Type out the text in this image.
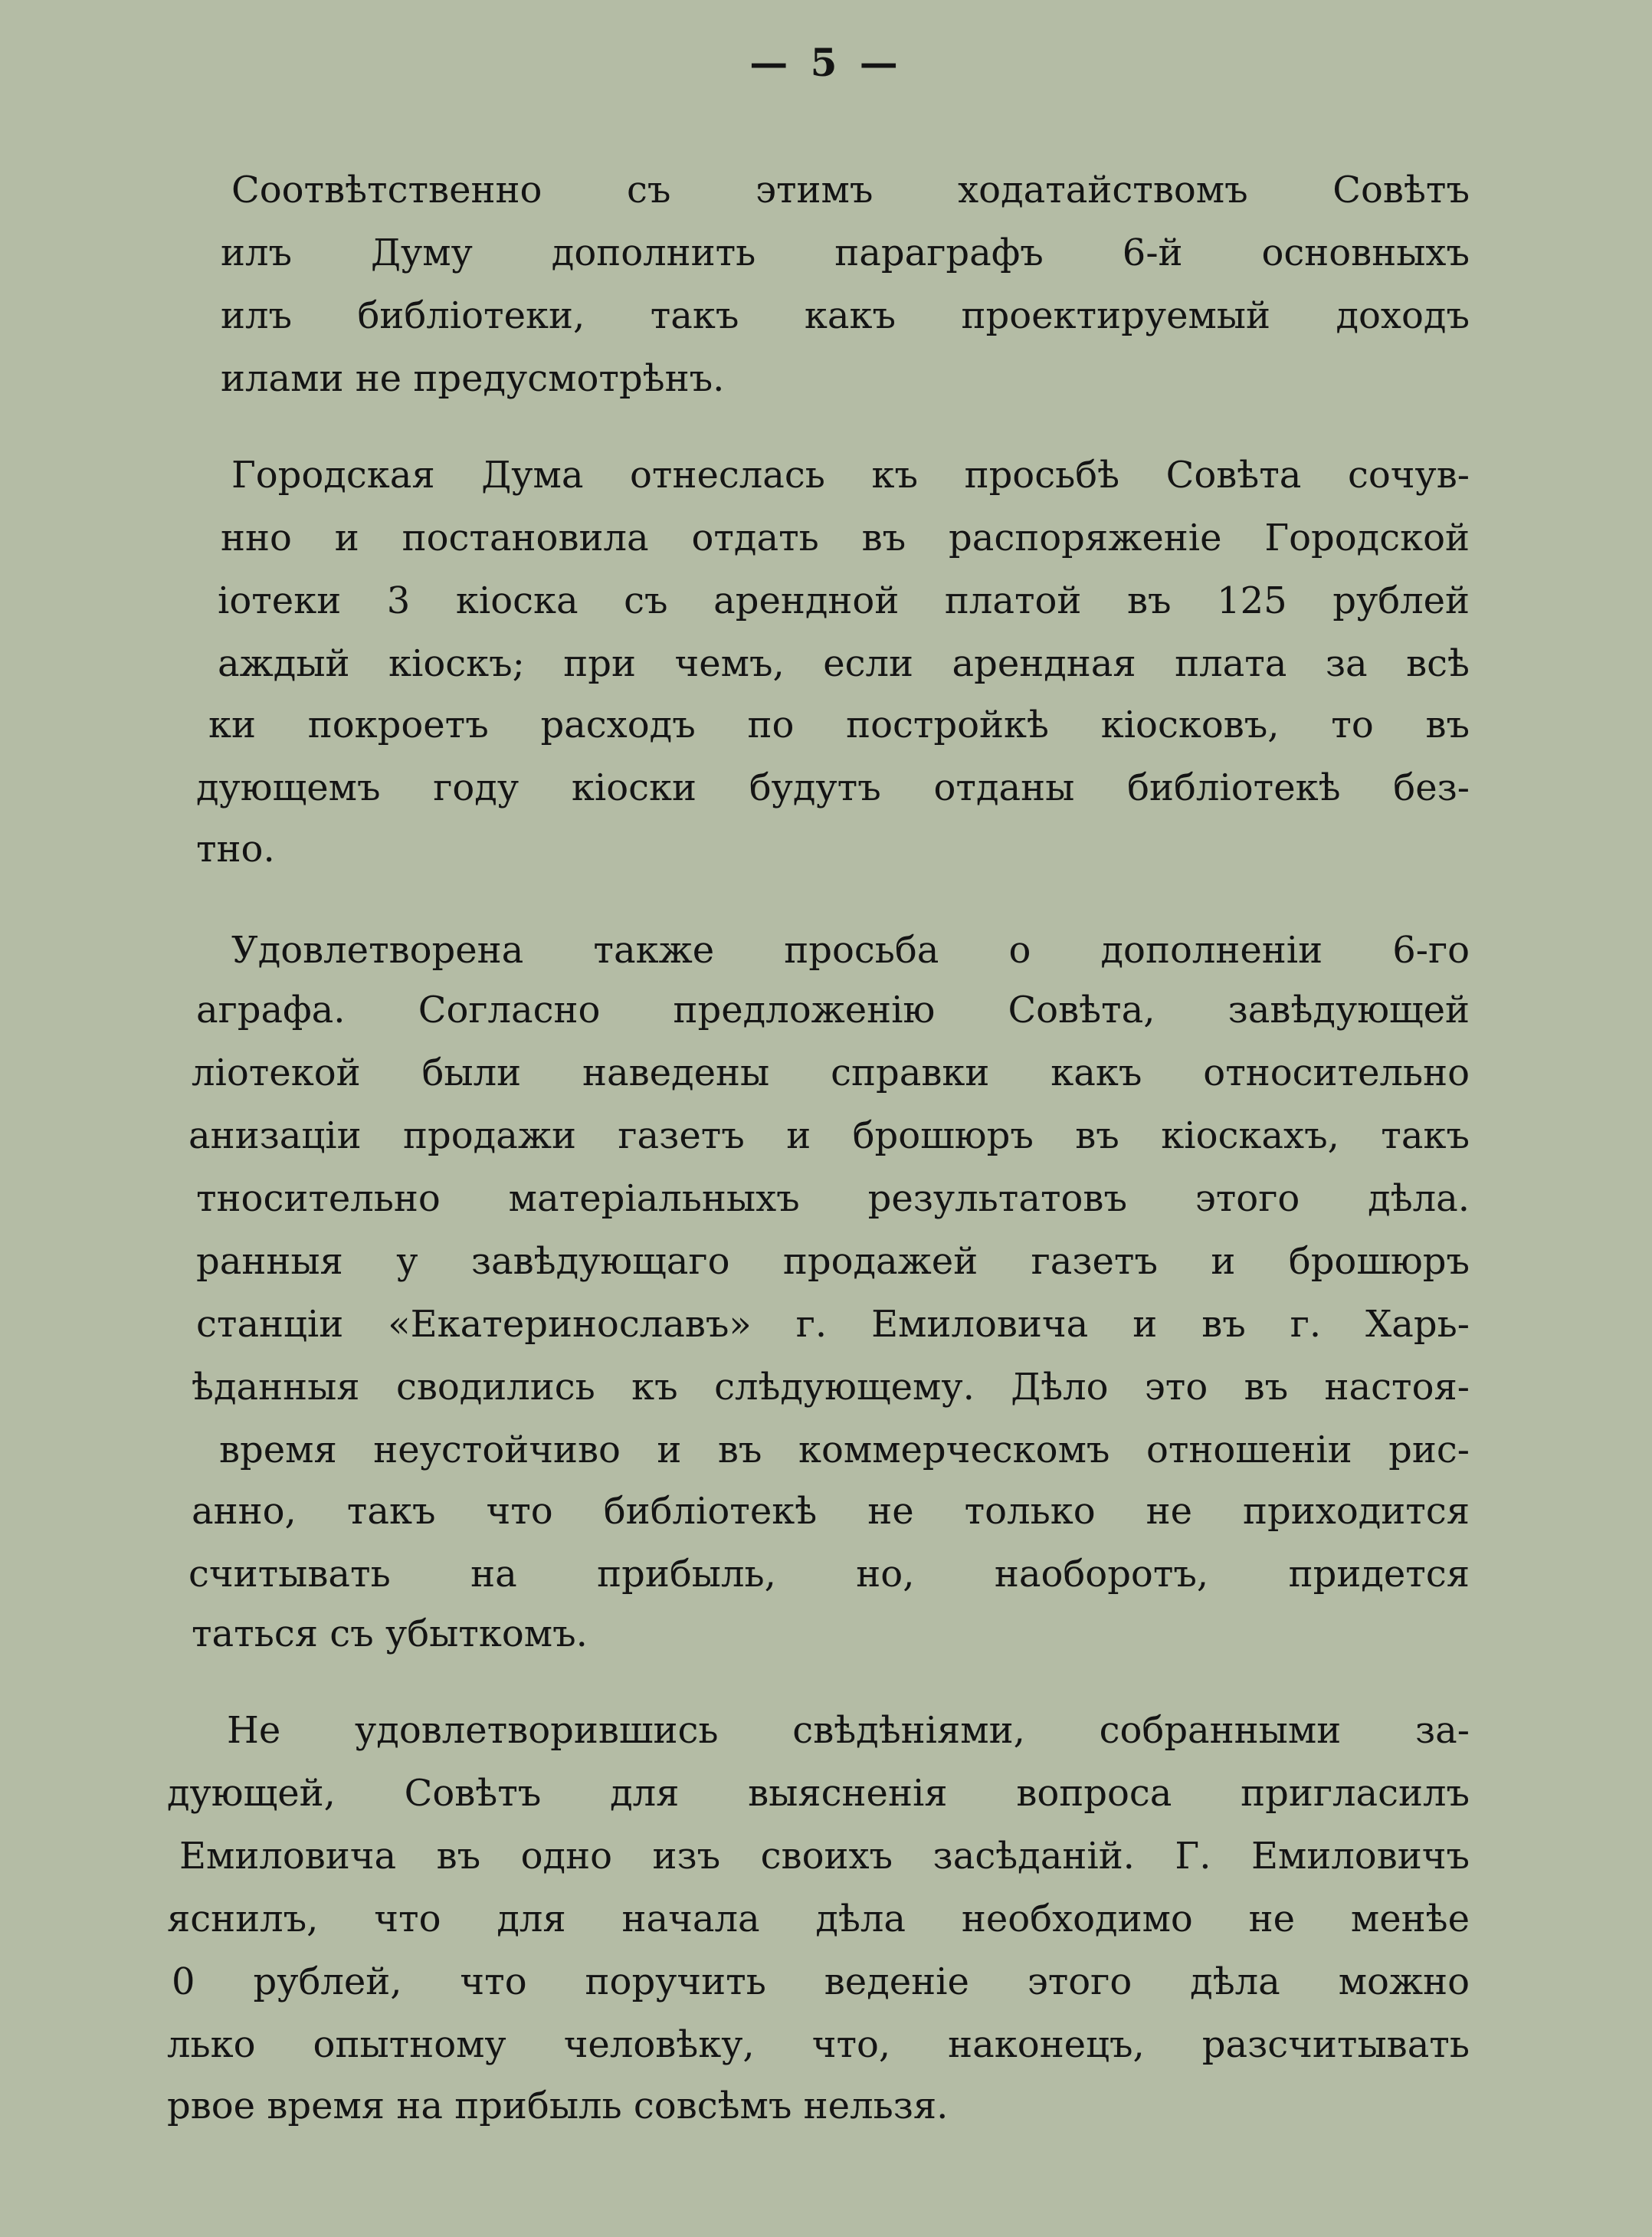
— 5 —
Соотвѣтственно съ этимъ ходатайствомъ Совѣтъ
илъ Думу дополнить параграфъ 6-й основныхъ
илъ библіотеки, такъ какъ проектируемый доходъ
илами не предусмотрѣнъ.
Городская Дума отнеслась къ просьбѣ Совѣта сочув-
нно и постановила отдать въ распоряженіе Городской
іотеки 3 кіоска съ арендной платой въ 125 рублей
аждый кіоскъ; при чемъ, если арендная плата за всѣ
ки покроетъ расходъ по постройкѣ кіосковъ, то въ
дующемъ году кіоски будутъ отданы библіотекѣ без-
тно.
Удовлетворена также просьба о дополненіи 6-го
аграфа. Согласно предложенію Совѣта, завѣдующей
ліотекой были наведены справки какъ относительно
анизаціи продажи газетъ и брошюръ въ кіоскахъ, такъ
тносительно матеріальныхъ результатовъ этого дѣла.
ранныя у завѣдующаго продажей газетъ и брошюръ
станціи «Екатеринославъ» г. Емиловича и въ г. Харь-
ѣданныя сводились къ слѣдующему. Дѣло это въ настоя-
время неустойчиво и въ коммерческомъ отношеніи рис-
анно, такъ что библіотекѣ не только не приходится
считывать на прибыль, но, наоборотъ, придется
таться съ убыткомъ.
Не удовлетворившись свѣдѣніями, собранными за-
дующей, Совѣтъ для выясненія вопроса пригласилъ
Емиловича въ одно изъ своихъ засѣданій. Г. Емиловичъ
яснилъ, что для начала дѣла необходимо не менѣе
0 рублей, что поручить веденіе этого дѣла можно
лько опытному человѣку, что, наконецъ, разсчитывать
рвое время на прибыль совсѣмъ нельзя.
